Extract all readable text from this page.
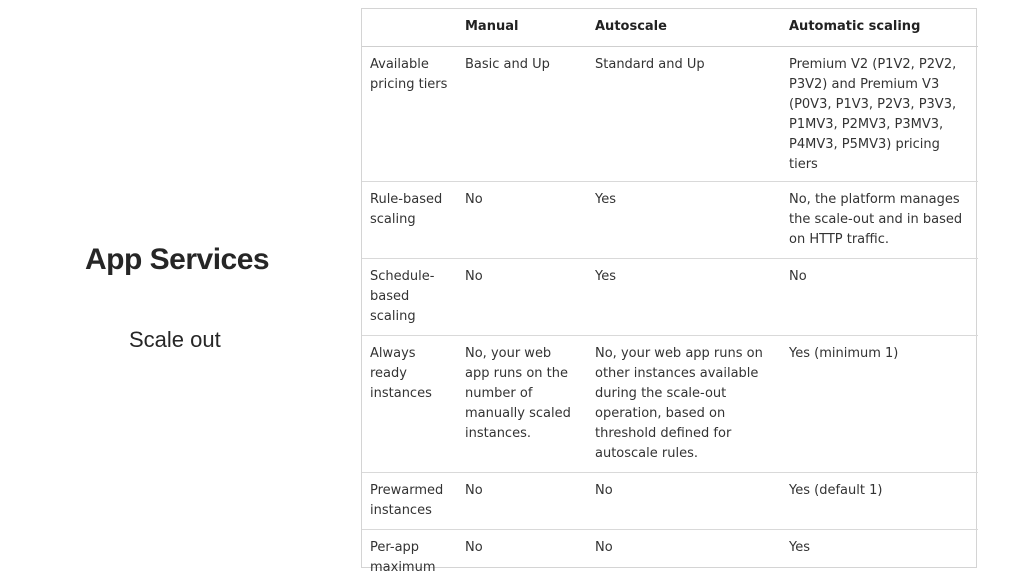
App Services
Scale out
	Manual	Autoscale	Automatic scaling
Available pricing tiers	Basic and Up	Standard and Up	Premium V2 (P1V2, P2V2, P3V2) and Premium V3 (P0V3, P1V3, P2V3, P3V3, P1MV3, P2MV3, P3MV3, P4MV3, P5MV3) pricing tiers
Rule-based scaling	No	Yes	No, the platform manages the scale-out and in based on HTTP traffic.
Schedule-based scaling	No	Yes	No
Always ready instances	No, your web app runs on the number of manually scaled instances.	No, your web app runs on other instances available during the scale-out operation, based on threshold defined for autoscale rules.	Yes (minimum 1)
Prewarmed instances	No	No	Yes (default 1)
Per-app maximum	No	No	Yes
